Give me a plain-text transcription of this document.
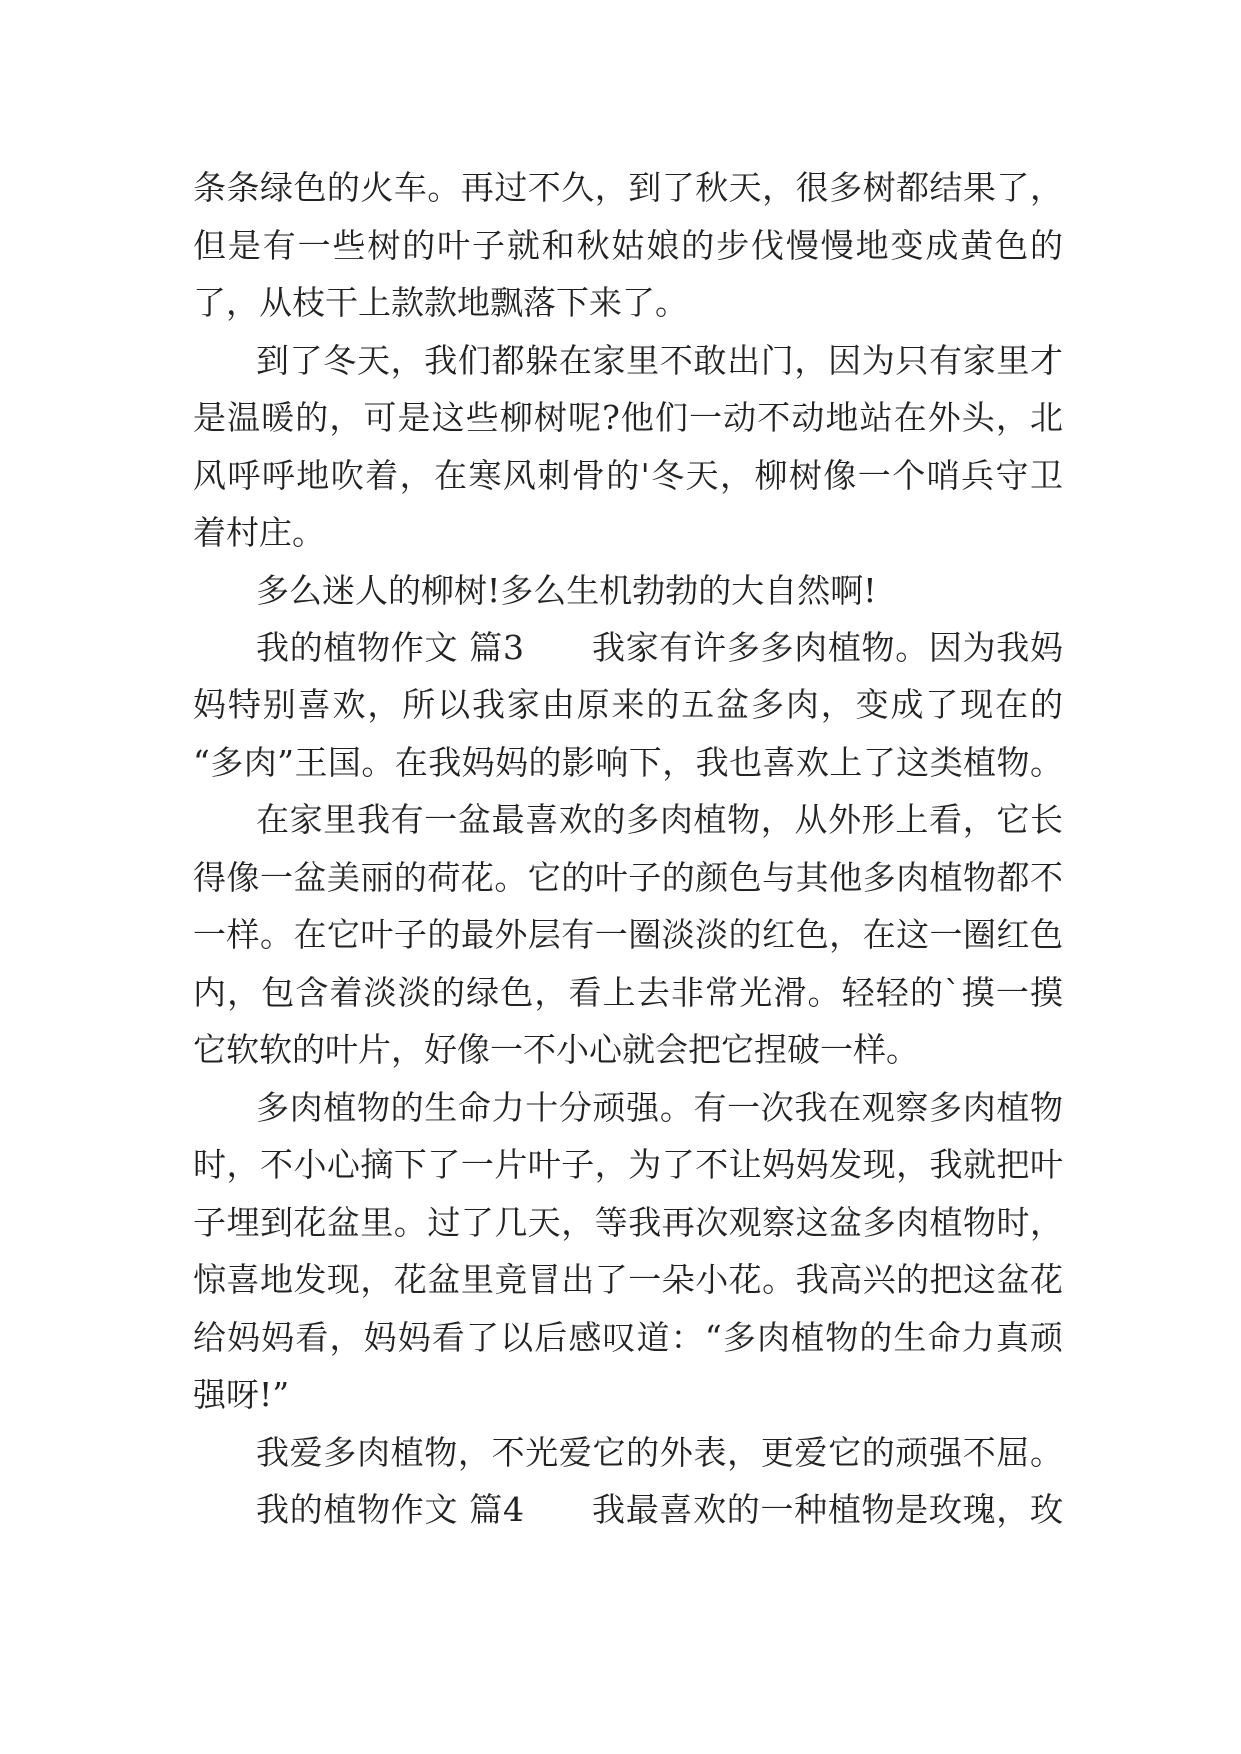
条条绿色的火车。再过不久，到了秋天，很多树都结果了，
但是有一些树的叶子就和秋姑娘的步伐慢慢地变成黄色的
了，从枝干上款款地飘落下来了。
到了冬天，我们都躲在家里不敢出门，因为只有家里才
是温暖的，可是这些柳树呢?他们一动不动地站在外头，北
风呼呼地吹着，在寒风刺骨的'冬天，柳树像一个哨兵守卫
着村庄。
多么迷人的柳树!多么生机勃勃的大自然啊!
我的植物作文 篇3　　我家有许多多肉植物。因为我妈
妈特别喜欢，所以我家由原来的五盆多肉，变成了现在的
“多肉”王国。在我妈妈的影响下，我也喜欢上了这类植物。
在家里我有一盆最喜欢的多肉植物，从外形上看，它长
得像一盆美丽的荷花。它的叶子的颜色与其他多肉植物都不
一样。在它叶子的最外层有一圈淡淡的红色，在这一圈红色
内，包含着淡淡的绿色，看上去非常光滑。轻轻的`摸一摸
它软软的叶片，好像一不小心就会把它捏破一样。
多肉植物的生命力十分顽强。有一次我在观察多肉植物
时，不小心摘下了一片叶子，为了不让妈妈发现，我就把叶
子埋到花盆里。过了几天，等我再次观察这盆多肉植物时，
惊喜地发现，花盆里竟冒出了一朵小花。我高兴的把这盆花
给妈妈看，妈妈看了以后感叹道：“多肉植物的生命力真顽
强呀!”
我爱多肉植物，不光爱它的外表，更爱它的顽强不屈。
我的植物作文 篇4　　我最喜欢的一种植物是玫瑰，玫
